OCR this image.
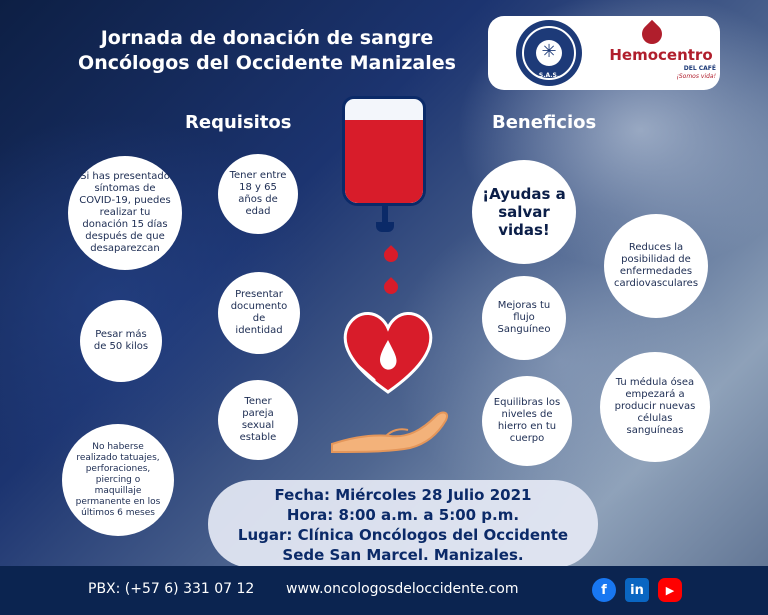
Jornada de donación de sangre
Oncólogos del Occidente Manizales
✳
S.A.S.
Hemocentro
DEL CAFÉ
¡Somos vida!
Requisitos	Beneficios
Si has presentado síntomas de COVID-19, puedes realizar tu donación 15 días después de que desaparezcan
Tener entre 18 y 65 años de edad
Presentar documento de identidad
Pesar más de 50 kilos
Tener pareja sexual estable
No haberse realizado tatuajes, perforaciones, piercing o maquillaje permanente en los últimos 6 meses
¡Ayudas a salvar vidas!
Reduces la posibilidad de enfermedades cardiovasculares
Mejoras tu flujo Sanguíneo
Tu médula ósea empezará a producir nuevas células sanguíneas
Equilibras los niveles de hierro en tu cuerpo
Fecha: Miércoles 28 Julio 2021
Hora: 8:00 a.m. a 5:00 p.m.
Lugar: Clínica Oncólogos del Occidente
Sede San Marcel. Manizales.
PBX: (+57 6) 331 07 12 www.oncologosdeloccidente.com	f	in	▶
